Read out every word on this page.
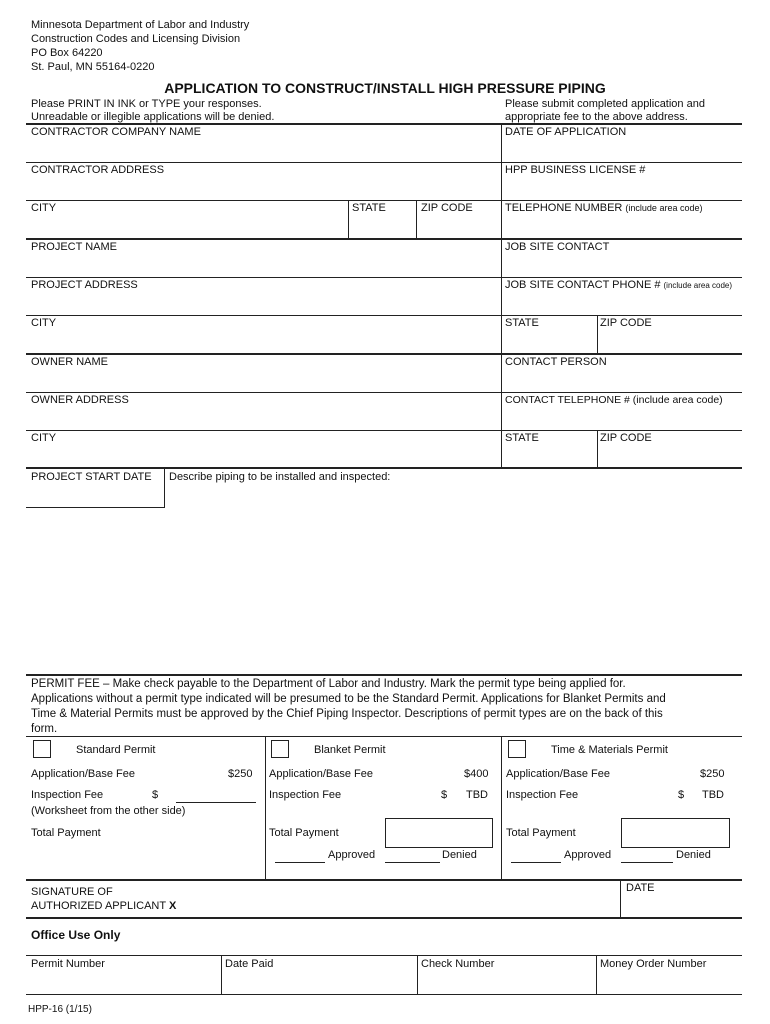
Minnesota Department of Labor and Industry
Construction Codes and Licensing Division
PO Box 64220
St. Paul, MN 55164-0220
APPLICATION TO CONSTRUCT/INSTALL HIGH PRESSURE PIPING
Please PRINT IN INK or TYPE your responses.
Unreadable or illegible applications will be denied.
Please submit completed application and
appropriate fee to the above address.
CONTRACTOR COMPANY NAME	DATE OF APPLICATION
CONTRACTOR ADDRESS	HPP BUSINESS LICENSE #
CITY	STATE	ZIP CODE	TELEPHONE NUMBER (include area code)
PROJECT NAME	JOB SITE CONTACT
PROJECT ADDRESS	JOB SITE CONTACT PHONE # (include area code)
CITY	STATE	ZIP CODE
OWNER NAME	CONTACT PERSON
OWNER ADDRESS	CONTACT TELEPHONE # (include area code)
CITY	STATE	ZIP CODE
PROJECT START DATE Describe piping to be installed and inspected:
PERMIT FEE – Make check payable to the Department of Labor and Industry. Mark the permit type being applied for.
Applications without a permit type indicated will be presumed to be the Standard Permit. Applications for Blanket Permits and
Time & Material Permits must be approved by the Chief Piping Inspector. Descriptions of permit types are on the back of this
form.
Standard Permit
Application/Base Fee	$250
Inspection Fee	$
(Worksheet from the other side)
Total Payment
Blanket Permit
Application/Base Fee	$400
Inspection Fee	$ TBD
Total Payment
Approved	Denied
Time & Materials Permit
Application/Base Fee	$250
Inspection Fee	$ TBD
Total Payment
Approved	Denied
SIGNATURE OF
AUTHORIZED APPLICANT X
DATE
Office Use Only
Permit Number	Date Paid	Check Number	Money Order Number
HPP-16 (1/15)
